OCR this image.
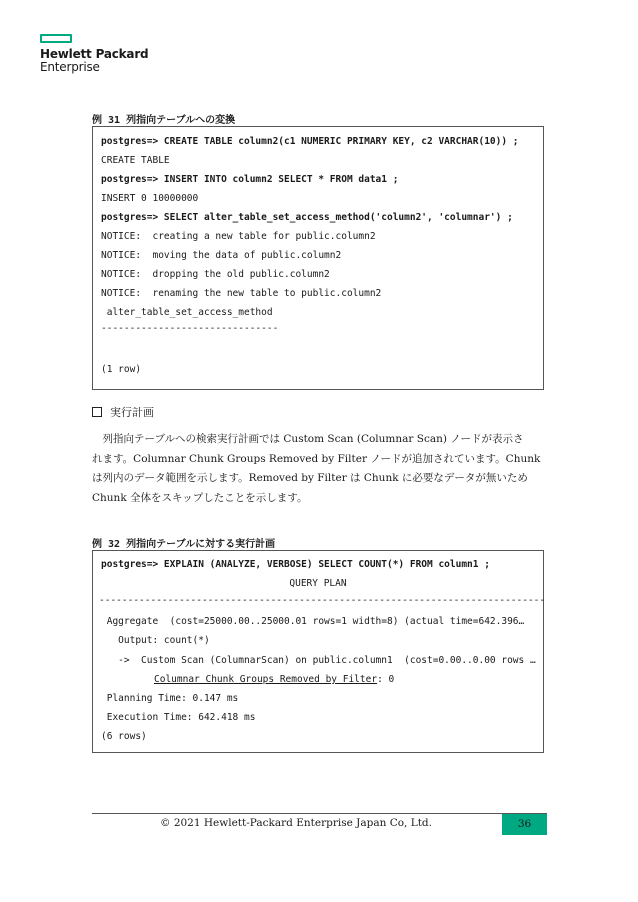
Hewlett Packard
Enterprise
例 31 列指向テーブルへの変換
postgres=> CREATE TABLE column2(c1 NUMERIC PRIMARY KEY, c2 VARCHAR(10)) ;
CREATE TABLE
postgres=> INSERT INTO column2 SELECT * FROM data1 ;
INSERT 0 10000000
postgres=> SELECT alter_table_set_access_method('column2', 'columnar') ;
NOTICE:  creating a new table for public.column2
NOTICE:  moving the data of public.column2
NOTICE:  dropping the old public.column2
NOTICE:  renaming the new table to public.column2
alter_table_set_access_method
-------------------------------
(1 row)
実行計画

　列指向テーブルへの検索実行計画では Custom Scan (Columnar Scan) ノードが表示さ

れます。Columnar Chunk Groups Removed by Filter ノードが追加されています。Chunk

は列内のデータ範囲を示します。Removed by Filter は Chunk に必要なデータが無いため

Chunk 全体をスキップしたことを示します。

例 32 列指向テーブルに対する実行計画
postgres=> EXPLAIN (ANALYZE, VERBOSE) SELECT COUNT(*) FROM column1 ;
QUERY PLAN
------------------------------------------------------------------------------
Aggregate  (cost=25000.00..25000.01 rows=1 width=8) (actual time=642.396…
Output: count(*)
->  Custom Scan (ColumnarScan) on public.column1  (cost=0.00..0.00 rows …
Columnar Chunk Groups Removed by Filter: 0
Planning Time: 0.147 ms
Execution Time: 642.418 ms
(6 rows)
© 2021 Hewlett-Packard Enterprise Japan Co, Ltd.	36
